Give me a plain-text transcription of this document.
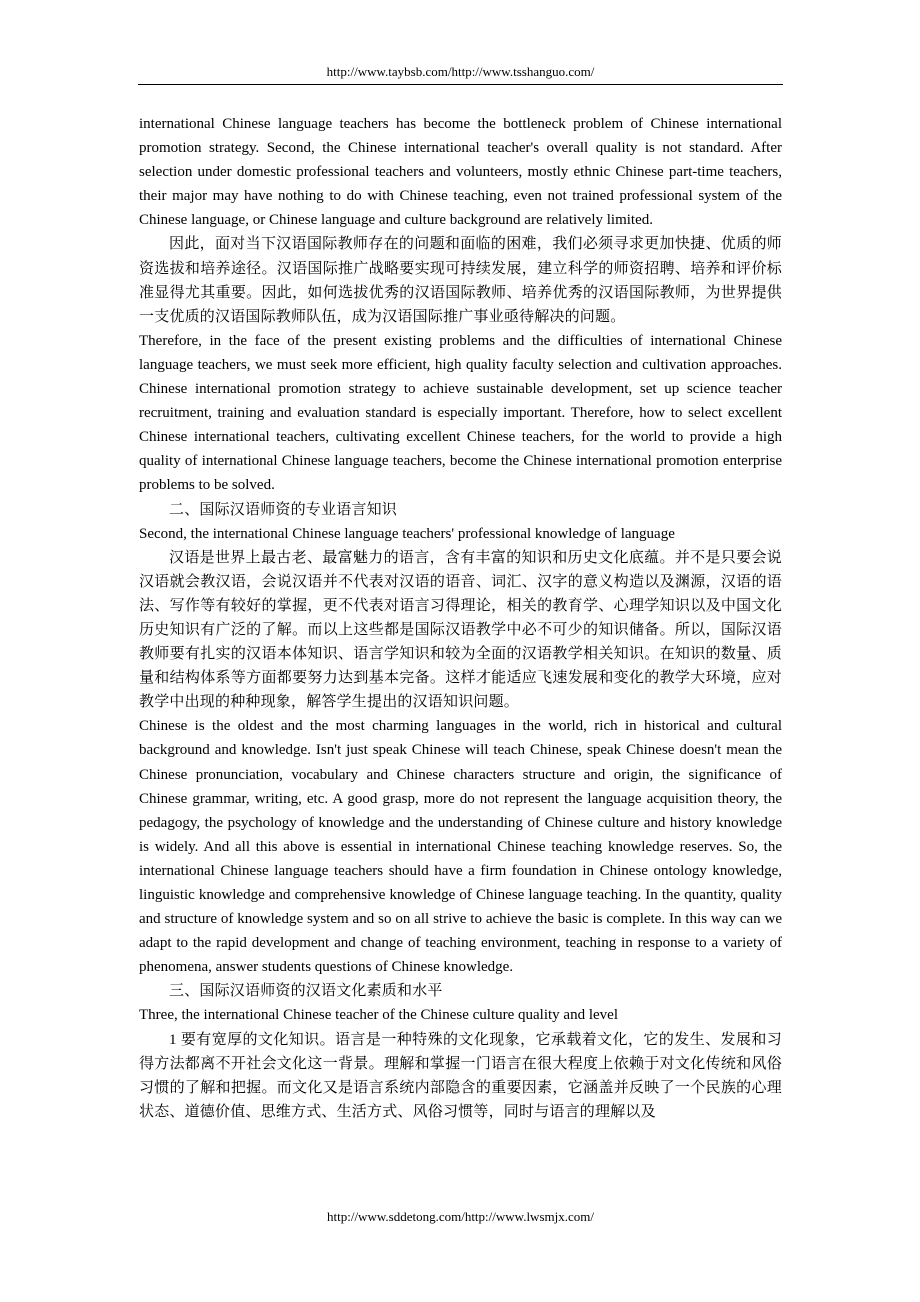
http://www.taybsb.com/http://www.tsshanguo.com/

international Chinese language teachers has become the bottleneck problem of Chinese international promotion strategy. Second, the Chinese international teacher's overall quality is not standard. After selection under domestic professional teachers and volunteers, mostly ethnic Chinese part-time teachers, their major may have nothing to do with Chinese teaching, even not trained professional system of the Chinese language, or Chinese language and culture background are relatively limited.

因此，面对当下汉语国际教师存在的问题和面临的困难，我们必须寻求更加快捷、优质的师资选拔和培养途径。汉语国际推广战略要实现可持续发展，建立科学的师资招聘、培养和评价标准显得尤其重要。因此，如何选拔优秀的汉语国际教师、培养优秀的汉语国际教师，为世界提供一支优质的汉语国际教师队伍，成为汉语国际推广事业亟待解决的问题。

Therefore, in the face of the present existing problems and the difficulties of international Chinese language teachers, we must seek more efficient, high quality faculty selection and cultivation approaches. Chinese international promotion strategy to achieve sustainable development, set up science teacher recruitment, training and evaluation standard is especially important. Therefore, how to select excellent Chinese international teachers, cultivating excellent Chinese teachers, for the world to provide a high quality of international Chinese language teachers, become the Chinese international promotion enterprise problems to be solved.

二、国际汉语师资的专业语言知识

Second, the international Chinese language teachers' professional knowledge of language

汉语是世界上最古老、最富魅力的语言，含有丰富的知识和历史文化底蕴。并不是只要会说汉语就会教汉语，会说汉语并不代表对汉语的语音、词汇、汉字的意义构造以及渊源，汉语的语法、写作等有较好的掌握，更不代表对语言习得理论，相关的教育学、心理学知识以及中国文化历史知识有广泛的了解。而以上这些都是国际汉语教学中必不可少的知识储备。所以，国际汉语教师要有扎实的汉语本体知识、语言学知识和较为全面的汉语教学相关知识。在知识的数量、质量和结构体系等方面都要努力达到基本完备。这样才能适应飞速发展和变化的教学大环境，应对教学中出现的种种现象，解答学生提出的汉语知识问题。

Chinese is the oldest and the most charming languages in the world, rich in historical and cultural background and knowledge. Isn't just speak Chinese will teach Chinese, speak Chinese doesn't mean the Chinese pronunciation, vocabulary and Chinese characters structure and origin, the significance of Chinese grammar, writing, etc. A good grasp, more do not represent the language acquisition theory, the pedagogy, the psychology of knowledge and the understanding of Chinese culture and history knowledge is widely. And all this above is essential in international Chinese teaching knowledge reserves. So, the international Chinese language teachers should have a firm foundation in Chinese ontology knowledge, linguistic knowledge and comprehensive knowledge of Chinese language teaching. In the quantity, quality and structure of knowledge system and so on all strive to achieve the basic is complete. In this way can we adapt to the rapid development and change of teaching environment, teaching in response to a variety of phenomena, answer students questions of Chinese knowledge.

三、国际汉语师资的汉语文化素质和水平

Three, the international Chinese teacher of the Chinese culture quality and level

1 要有宽厚的文化知识。语言是一种特殊的文化现象，它承载着文化，它的发生、发展和习得方法都离不开社会文化这一背景。理解和掌握一门语言在很大程度上依赖于对文化传统和风俗习惯的了解和把握。而文化又是语言系统内部隐含的重要因素，它涵盖并反映了一个民族的心理状态、道德价值、思维方式、生活方式、风俗习惯等，同时与语言的理解以及

http://www.sddetong.com/http://www.lwsmjx.com/
